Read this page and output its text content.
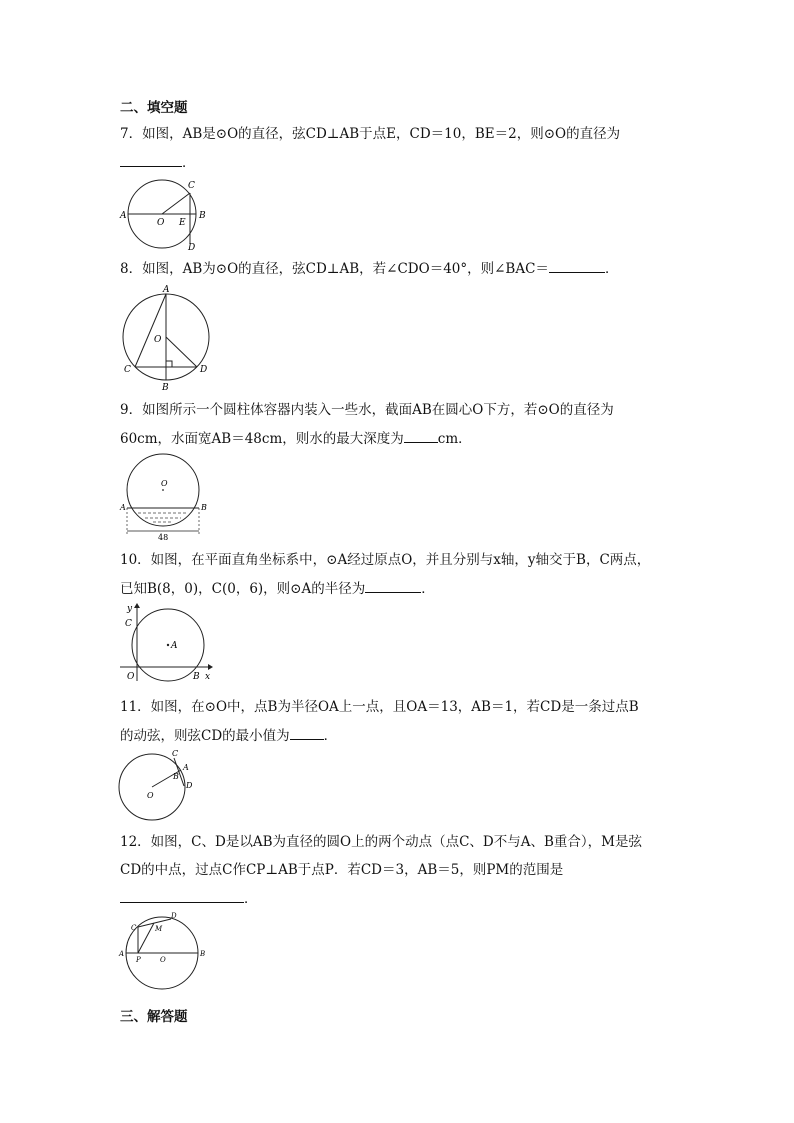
二、填空题
7．如图，AB是⊙O的直径，弦CD⊥AB于点E，CD＝10，BE＝2，则⊙O的直径为
．
A
O E
B
C
D
8．如图，AB为⊙O的直径，弦CD⊥AB，若∠CDO＝40°，则∠BAC＝	．
A
O
B
C	D
9．如图所示一个圆柱体容器内装入一些水，截面AB在圆心O下方，若⊙O的直径为
60cm，水面宽AB＝48cm，则水的最大深度为	cm．
O
A	B
48
10．如图，在平面直角坐标系中，⊙A经过原点O，并且分别与x轴，y轴交于B，C两点，
已知B(8，0)，C(0，6)，则⊙A的半径为	．
y
C
A
O	B x
11．如图，在⊙O中，点B为半径OA上一点，且OA＝13，AB＝1，若CD是一条过点B
的动弦，则弦CD的最小值为	．
C
A
B
D
O
12．如图，C、D是以AB为直径的圆O上的两个动点（点C、D不与A、B重合），M是弦
CD的中点，过点C作CP⊥AB于点P．若CD＝3，AB＝5，则PM的范围是
．
D
C	M
A
P	O
B
三、解答题
